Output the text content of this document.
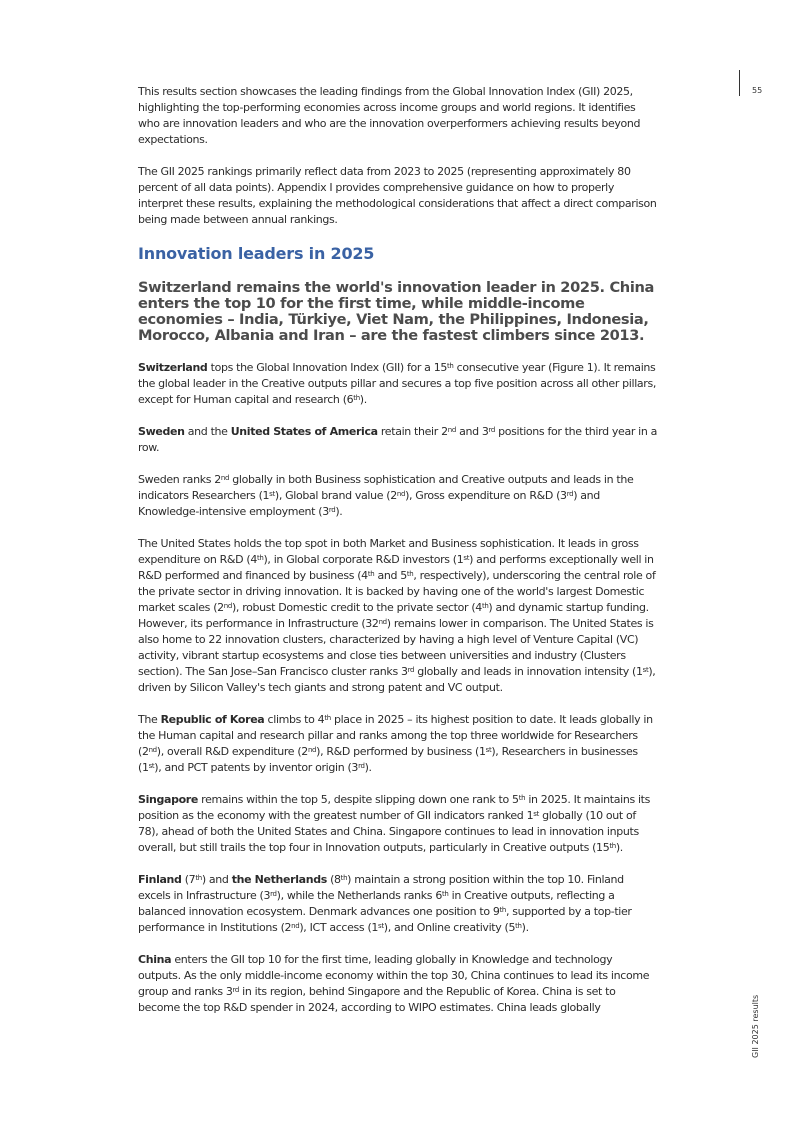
55
GII 2025 results

This results section showcases the leading findings from the Global Innovation Index (GII) 2025, highlighting the top-performing economies across income groups and world regions. It identifies who are innovation leaders and who are the innovation overperformers achieving results beyond expectations.

The GII 2025 rankings primarily reflect data from 2023 to 2025 (representing approximately 80 percent of all data points). Appendix I provides comprehensive guidance on how to properly interpret these results, explaining the methodological considerations that affect a direct comparison being made between annual rankings.

Innovation leaders in 2025
Switzerland remains the world's innovation leader in 2025. China enters the top 10 for the first time, while middle-income economies – India, Türkiye, Viet Nam, the Philippines, Indonesia, Morocco, Albania and Iran – are the fastest climbers since 2013.

Switzerland tops the Global Innovation Index (GII) for a 15th consecutive year (Figure 1). It remains the global leader in the Creative outputs pillar and secures a top five position across all other pillars, except for Human capital and research (6th).

Sweden and the United States of America retain their 2nd and 3rd positions for the third year in a row.

Sweden ranks 2nd globally in both Business sophistication and Creative outputs and leads in the indicators Researchers (1st), Global brand value (2nd), Gross expenditure on R&D (3rd) and Knowledge-intensive employment (3rd).

The United States holds the top spot in both Market and Business sophistication. It leads in gross expenditure on R&D (4th), in Global corporate R&D investors (1st) and performs exceptionally well in R&D performed and financed by business (4th and 5th, respectively), underscoring the central role of the private sector in driving innovation. It is backed by having one of the world's largest Domestic market scales (2nd), robust Domestic credit to the private sector (4th) and dynamic startup funding. However, its performance in Infrastructure (32nd) remains lower in comparison. The United States is also home to 22 innovation clusters, characterized by having a high level of Venture Capital (VC) activity, vibrant startup ecosystems and close ties between universities and industry (Clusters section). The San Jose–San Francisco cluster ranks 3rd globally and leads in innovation intensity (1st), driven by Silicon Valley's tech giants and strong patent and VC output.

The Republic of Korea climbs to 4th place in 2025 – its highest position to date. It leads globally in the Human capital and research pillar and ranks among the top three worldwide for Researchers (2nd), overall R&D expenditure (2nd), R&D performed by business (1st), Researchers in businesses (1st), and PCT patents by inventor origin (3rd).

Singapore remains within the top 5, despite slipping down one rank to 5th in 2025. It maintains its position as the economy with the greatest number of GII indicators ranked 1st globally (10 out of 78), ahead of both the United States and China. Singapore continues to lead in innovation inputs overall, but still trails the top four in Innovation outputs, particularly in Creative outputs (15th).

Finland (7th) and the Netherlands (8th) maintain a strong position within the top 10. Finland excels in Infrastructure (3rd), while the Netherlands ranks 6th in Creative outputs, reflecting a balanced innovation ecosystem. Denmark advances one position to 9th, supported by a top-tier performance in Institutions (2nd), ICT access (1st), and Online creativity (5th).

China enters the GII top 10 for the first time, leading globally in Knowledge and technology outputs. As the only middle-income economy within the top 30, China continues to lead its income group and ranks 3rd in its region, behind Singapore and the Republic of Korea. China is set to become the top R&D spender in 2024, according to WIPO estimates. China leads globally
